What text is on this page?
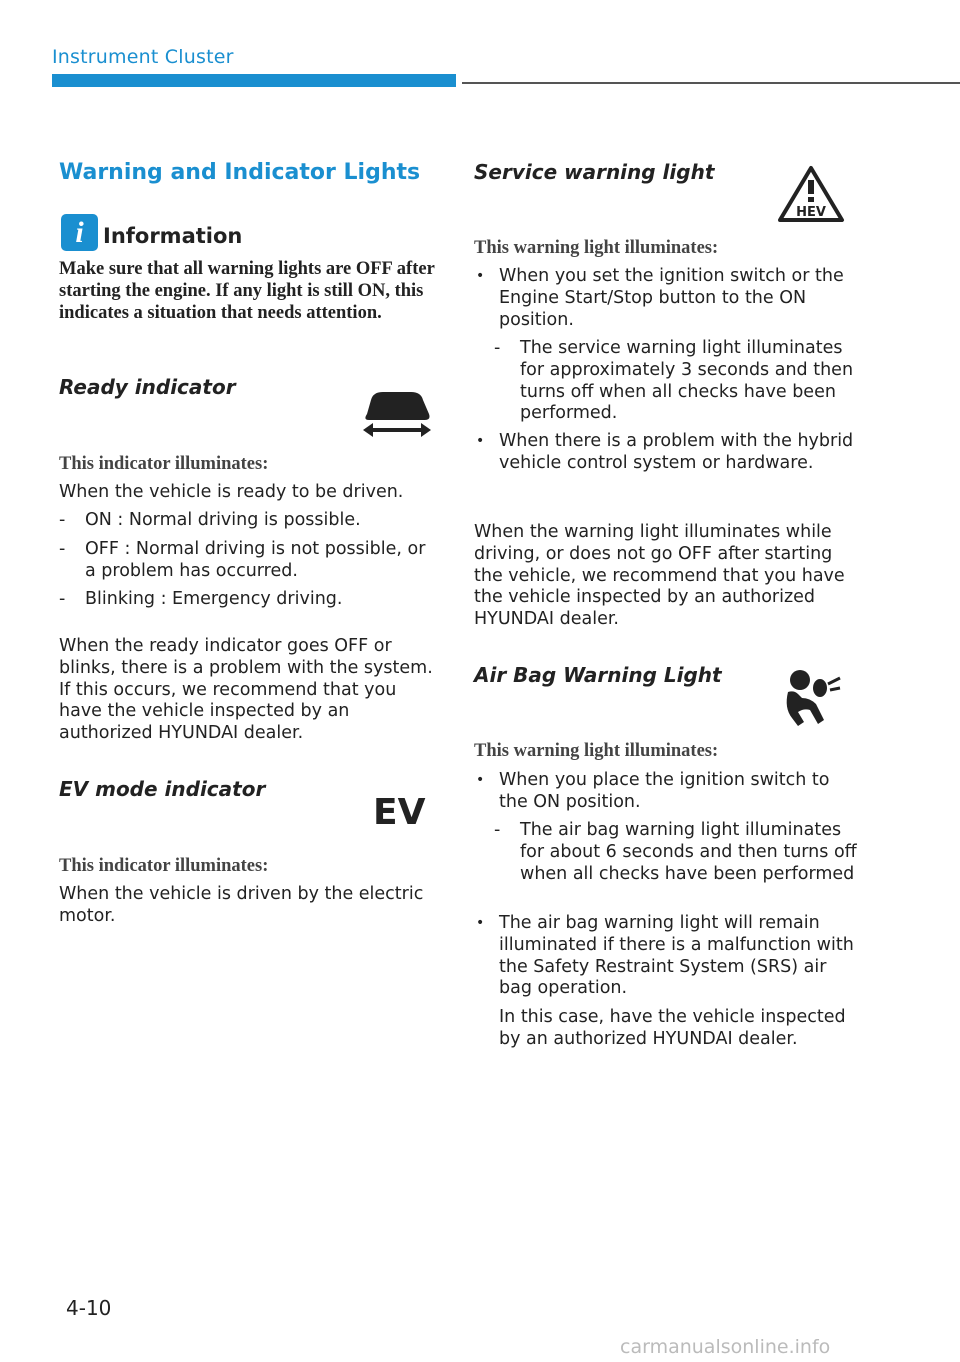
Instrument Cluster
Warning and Indicator Lights
i Information
Make sure that all warning lights are OFF after starting the engine. If any light is still ON, this indicates a situation that needs attention.
Ready indicator
This indicator illuminates:
When the vehicle is ready to be driven.
- ON : Normal driving is possible.
- OFF : Normal driving is not possible, or a problem has occurred.
- Blinking : Emergency driving.
When the ready indicator goes OFF or blinks, there is a problem with the system. If this occurs, we recommend that you have the vehicle inspected by an authorized HYUNDAI dealer.
EV mode indicator
EV
This indicator illuminates:
When the vehicle is driven by the electric motor.
Service warning light
HEV
This warning light illuminates:
• When you set the ignition switch or the Engine Start/Stop button to the ON position.
- The service warning light illuminates for approximately 3 seconds and then turns off when all checks have been performed.
• When there is a problem with the hybrid vehicle control system or hardware.
When the warning light illuminates while driving, or does not go OFF after starting the vehicle, we recommend that you have the vehicle inspected by an authorized HYUNDAI dealer.
Air Bag Warning Light
This warning light illuminates:
• When you place the ignition switch to the ON position.
- The air bag warning light illuminates for about 6 seconds and then turns off when all checks have been performed
• The air bag warning light will remain illuminated if there is a malfunction with the Safety Restraint System (SRS) air bag operation.
In this case, have the vehicle inspected by an authorized HYUNDAI dealer.
4-10
carmanualsonline.info
